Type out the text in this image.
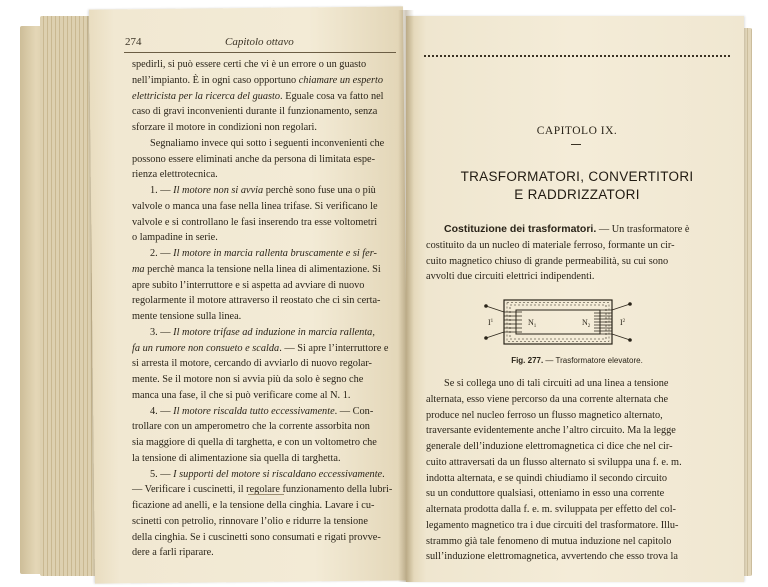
274	Capitolo ottavo

spedirli, si può essere certi che vi è un errore o un guasto

nell’impianto. È in ogni caso opportuno chiamare un esperto

elettricista per la ricerca del guasto. Eguale cosa va fatto nel

caso di gravi inconvenienti durante il funzionamento, senza

sforzare il motore in condizioni non regolari.

Segnaliamo invece qui sotto i seguenti inconvenienti che

possono essere eliminati anche da persona di limitata espe-

rienza elettrotecnica.

1. — Il motore non si avvia perchè sono fuse una o più

valvole o manca una fase nella linea trifase. Si verificano le

valvole e si controllano le fasi inserendo tra esse voltometri

o lampadine in serie.

2. — Il motore in marcia rallenta bruscamente e si fer-

ma perchè manca la tensione nella linea di alimentazione. Si

apre subito l’interruttore e si aspetta ad avviare di nuovo

regolarmente il motore attraverso il reostato che ci sin certa-

mente tensione sulla linea.

3. — Il motore trifase ad induzione in marcia rallenta,

fa un rumore non consueto e scalda. — Si apre l’interruttore e

si arresta il motore, cercando di avviarlo di nuovo regolar-

mente. Se il motore non si avvia più da solo è segno che

manca una fase, il che si può verificare come al N. 1.

4. — Il motore riscalda tutto eccessivamente. — Con-

trollare con un amperometro che la corrente assorbita non

sia maggiore di quella di targhetta, e con un voltometro che

la tensione di alimentazione sia quella di targhetta.

5. — I supporti del motore si riscaldano eccessivamente.

— Verificare i cuscinetti, il regolare funzionamento della lubri-

ficazione ad anelli, e la tensione della cinghia. Lavare i cu-

scinetti con petrolio, rinnovare l’olio e ridurre la tensione

della cinghia. Se i cuscinetti sono consumati e rigati provve-

dere a farli riparare.

CAPITOLO IX.
TRASFORMATORI, CONVERTITORI
E RADDRIZZATORI

Costituzione dei trasformatori. — Un trasformatore è

costituito da un nucleo di materiale ferroso, formante un cir-

cuito magnetico chiuso di grande permeabilità, su cui sono

avvolti due circuiti elettrici indipendenti.

$I^1$	$N_1$	$N_2$	$I^2$
Fig. 277. — Trasformatore elevatore.

Se si collega uno di tali circuiti ad una linea a tensione

alternata, esso viene percorso da una corrente alternata che

produce nel nucleo ferroso un flusso magnetico alternato,

traversante evidentemente anche l’altro circuito. Ma la legge

generale dell’induzione elettromagnetica ci dice che nel cir-

cuito attraversati da un flusso alternato si sviluppa una f. e. m.

indotta alternata, e se quindi chiudiamo il secondo circuito

su un conduttore qualsiasi, otteniamo in esso una corrente

alternata prodotta dalla f. e. m. sviluppata per effetto del col-

legamento magnetico tra i due circuiti del trasformatore. Illu-

strammo già tale fenomeno di mutua induzione nel capitolo

sull’induzione elettromagnetica, avvertendo che esso trova la
